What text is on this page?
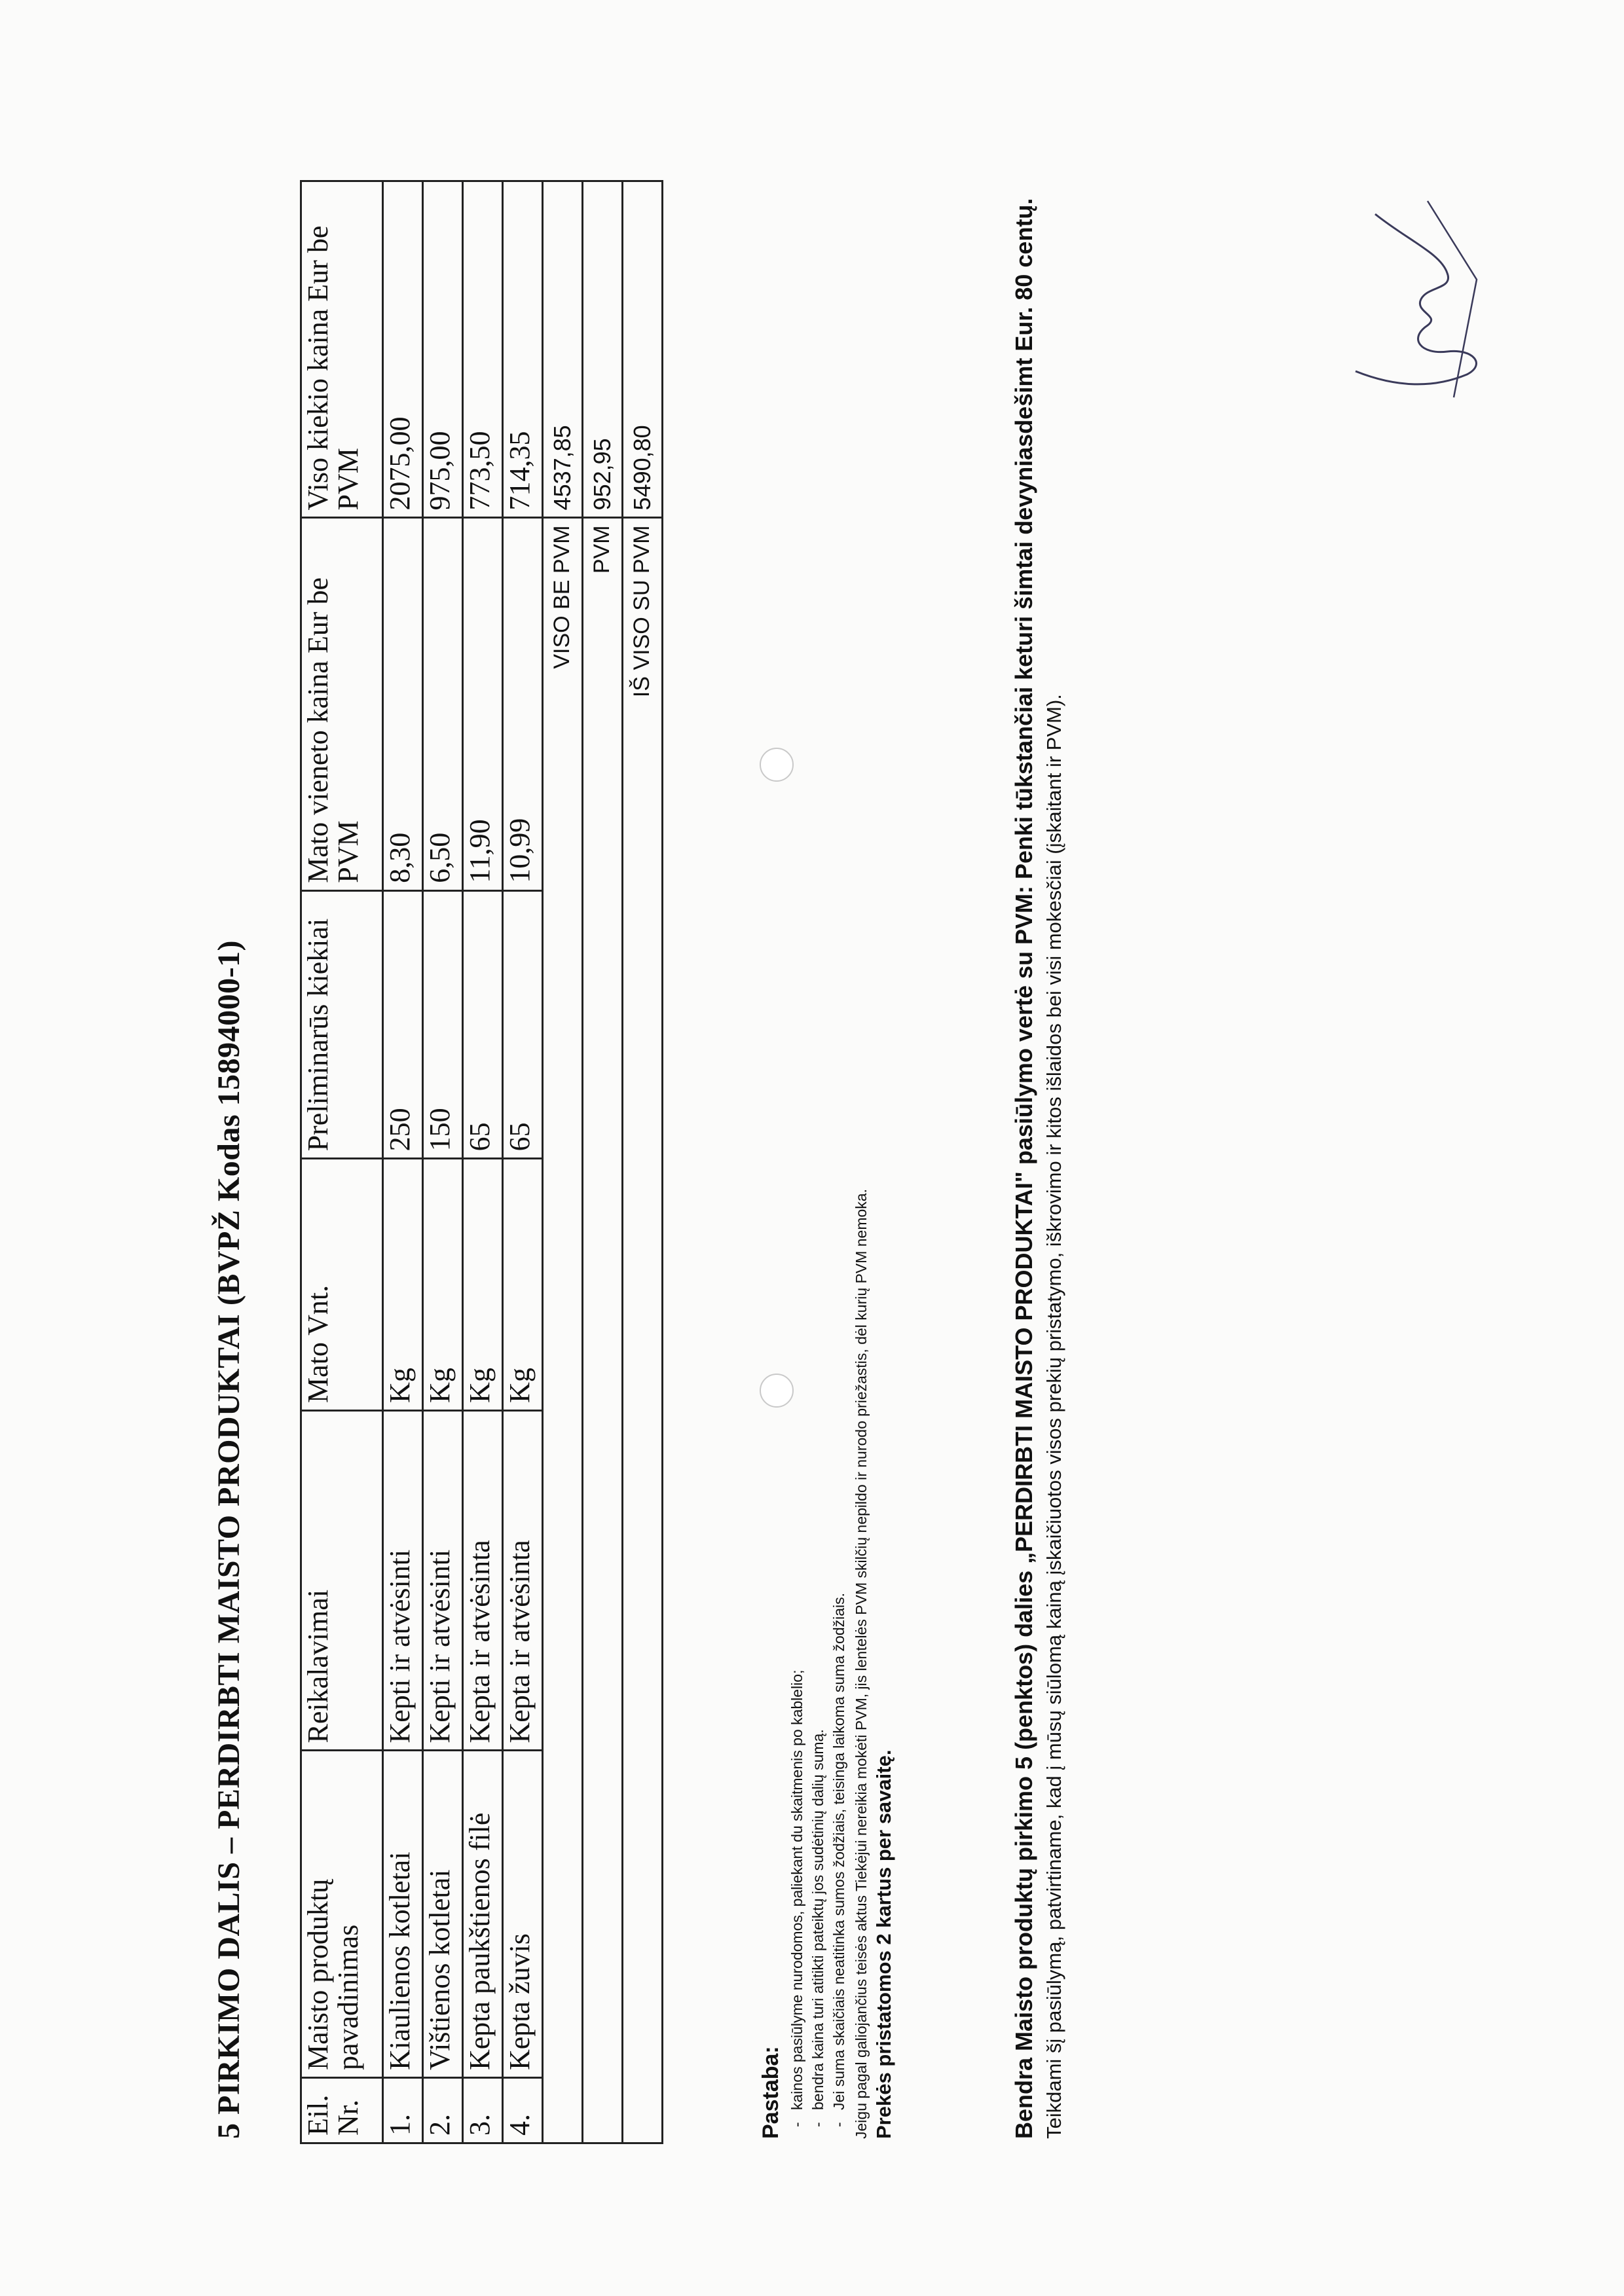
5 PIRKIMO DALIS – PERDIRBTI MAISTO PRODUKTAI (BVPŽ Kodas 15894000-1) Eil. Nr.	Maisto produktų pavadinimas	Reikalavimai	Mato Vnt.	Preliminarūs kiekiai	Mato vieneto kaina Eur be PVM	Viso kiekio kaina Eur be PVM
1.	Kiaulienos kotletai	Kepti ir atvėsinti	Kg	250	8,30	2075,00
2.	Vištienos kotletai	Kepti ir atvėsinti	Kg	150	6,50	975,00
3.	Kepta paukštienos filė	Kepta ir atvėsinta	Kg	65	11,90	773,50
4.	Kepta žuvis	Kepta ir atvėsinta	Kg	65	10,99	714,35
VISO BE PVM						4537,85
PVM						952,95
IŠ VISO SU PVM						5490,80
Pastaba: -kainos pasiūlyme nurodomos, paliekant du skaitmenis po kablelio;
-bendra kaina turi atitikti pateiktų jos sudėtinių dalių sumą.
-Jei suma skaičiais neatitinka sumos žodžiais, teisinga laikoma suma žodžiais. Jeigu pagal galiojančius teisės aktus Tiekėjui nereikia mokėti PVM, jis lentelės PVM skilčių nepildo ir nurodo priežastis, dėl kurių PVM nemoka. Prekės pristatomos 2 kartus per savaitę.	Bendra Maisto produktų pirkimo 5 (penktos) dalies „PERDIRBTI MAISTO PRODUKTAI" pasiūlymo vertė su PVM: Penki tūkstančiai keturi šimtai devyniasdešimt Eur. 80 centų. Teikdami šį pasiūlymą, patvirtiname, kad į mūsų siūlomą kainą įskaičiuotos visos prekių pristatymo, iškrovimo ir kitos išlaidos bei visi mokesčiai (įskaitant ir PVM).
